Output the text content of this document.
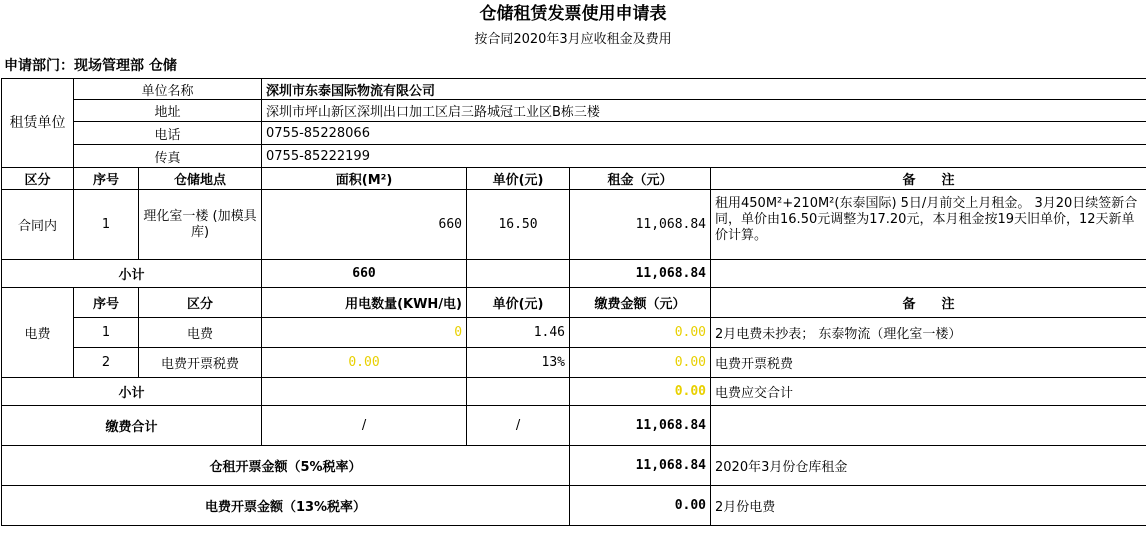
仓储租赁发票使用申请表
按合同2020年3月应收租金及费用
申请部门：现场管理部 仓储
租赁单位	单位名称		深圳市东泰国际物流有限公司			
	地址		深圳市坪山新区深圳出口加工区启三路城冠工业区B栋三楼			
	电话		0755-85228066			
	传真		0755-85222199			
区分	序号	仓储地点	面积(M²)	单价(元)	租金（元）	备　　注
合同内	1	理化室一楼 (加模具库)	660	16.50	11,068.84	租用450M²+210M²(东泰国际) 5日/月前交上月租金。 3月20日续签新合同，单价由16.50元调整为17.20元，本月租金按19天旧单价，12天新单价计算。
小计			660		11,068.84	
电费	序号	区分	用电数量(KWH/电)	单价(元)	缴费金额（元）	备　　注
	1	电费	0	1.46	0.00	2月电费未抄表； 东泰物流（理化室一楼）
	2	电费开票税费	0.00	13%	0.00	电费开票税费
小计					0.00	电费应交合计
缴费合计			/	/	11,068.84	
仓租开票金额（5%税率）					11,068.84	2020年3月份仓库租金
电费开票金额（13%税率）					0.00	2月份电费
